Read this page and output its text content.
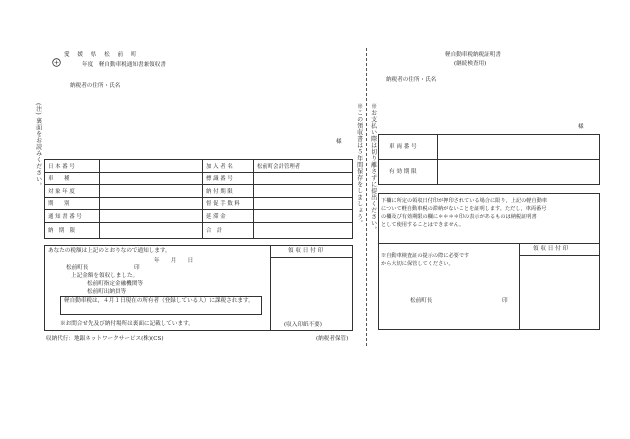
愛 媛 県 松 前 町
年度　軽自動車税通知書兼領収書
納税者の住所・氏名
様
(注) 裏面をお読みください。	※この領収書は５年間保存をしましょう。
日 本 番 号		加 入 者 名	松前町会計管理者
車　　種		標 識 番 号	
対 象 年 度		納 付 期 限	
期　　別		督 促 手 数 料	
通 知 書 番 号		延 滞 金	
納　期　限		合　計	
領 収 日 付 印
(収入印紙不要)
あなたの税額は上記のとおりなので通知します。
年　　月　　日
松前町長	印
上記金額を領収しました。
松前町指定金融機関等
松前町出納員等
軽自動車税は，４月１日現在の所有者（登録している人）に課税されます。
※お問合せ先及び納付場所は裏面に記載しています。
収納代行：地銀ネットワークサービス(株)(CS)	(納税者保管)
※お支払い際は切り離さずに提出ください。
軽自動車税納税証明書
(継続検査用)
納税者の住所・氏名
様
車 両 番 号
有 効 期 限
下欄に所定の領収日付印が押印されている場合に限り，上記の軽自動車
について軽自動車税の滞納がないことを証明します。ただし，車両番号
の欄及び有効期限の欄に＊＊＊＊印の表示があるものは納税証明書
として使用することはできません。
領 収 日 付 印
※自動車検査証の提示の際に必要です
から大切に保管してください。
松前町長	印
